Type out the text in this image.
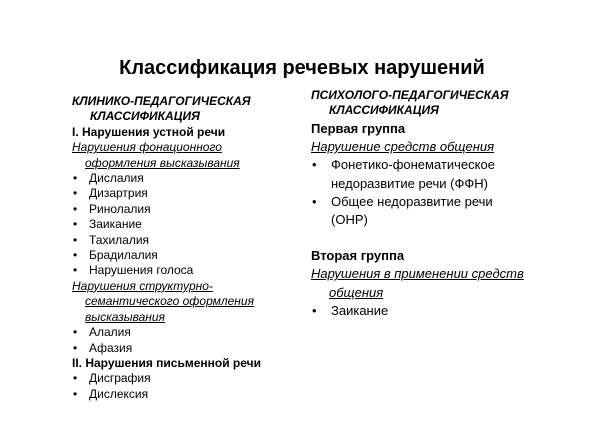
Классификация речевых нарушений
КЛИНИКО-ПЕДАГОГИЧЕСКАЯ
КЛАССИФИКАЦИЯ
I. Нарушения устной речи
Нарушения фонационного
оформления высказывания
• Дислалия
• Дизартрия
• Ринолалия
• Заикание
• Тахилалия
• Брадилалия
• Нарушения голоса
Нарушения структурно-
семантического оформления
высказывания
• Алалия
• Афазия
II. Нарушения письменной речи
• Дисграфия
• Дислексия
ПСИХОЛОГО-ПЕДАГОГИЧЕСКАЯ
КЛАССИФИКАЦИЯ
Первая группа
Нарушение средств общения
• Фонетико-фонематическое
недоразвитие речи (ФФН)
• Общее недоразвитие речи
(ОНР)
Вторая группа
Нарушения в применении средств
общения
• Заикание
